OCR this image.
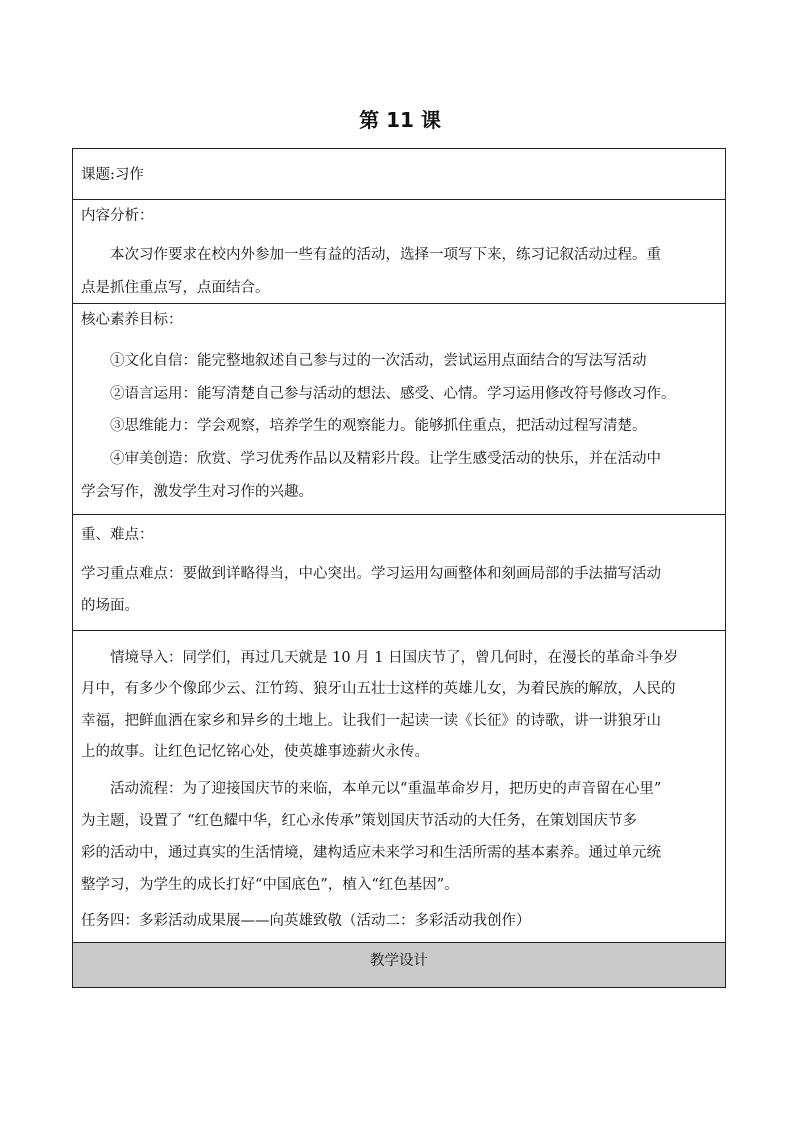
第 11 课
课题:习作
内容分析：
本次习作要求在校内外参加一些有益的活动，选择一项写下来，练习记叙活动过程。重
点是抓住重点写，点面结合。
核心素养目标：
①文化自信：能完整地叙述自己参与过的一次活动，尝试运用点面结合的写法写活动
②语言运用：能写清楚自己参与活动的想法、感受、心情。学习运用修改符号修改习作。
③思维能力：学会观察，培养学生的观察能力。能够抓住重点，把活动过程写清楚。
④审美创造：欣赏、学习优秀作品以及精彩片段。让学生感受活动的快乐，并在活动中
学会写作，激发学生对习作的兴趣。
重、难点：
学习重点难点：要做到详略得当，中心突出。学习运用勾画整体和刻画局部的手法描写活动
的场面。
情境导入：同学们，再过几天就是 10 月 1 日国庆节了，曾几何时，在漫长的革命斗争岁
月中，有多少个像邱少云、江竹筠、狼牙山五壮士这样的英雄儿女，为着民族的解放，人民的
幸福，把鲜血洒在家乡和异乡的土地上。让我们一起读一读《长征》的诗歌，讲一讲狼牙山
上的故事。让红色记忆铭心处，使英雄事迹薪火永传。
活动流程：为了迎接国庆节的来临，本单元以“重温革命岁月，把历史的声音留在心里”
为主题，设置了 “红色耀中华，红心永传承”策划国庆节活动的大任务，在策划国庆节多
彩的活动中，通过真实的生活情境，建构适应未来学习和生活所需的基本素养。通过单元统
整学习，为学生的成长打好“中国底色”，植入“红色基因”。
任务四：多彩活动成果展——向英雄致敬（活动二：多彩活动我创作）
教学设计
